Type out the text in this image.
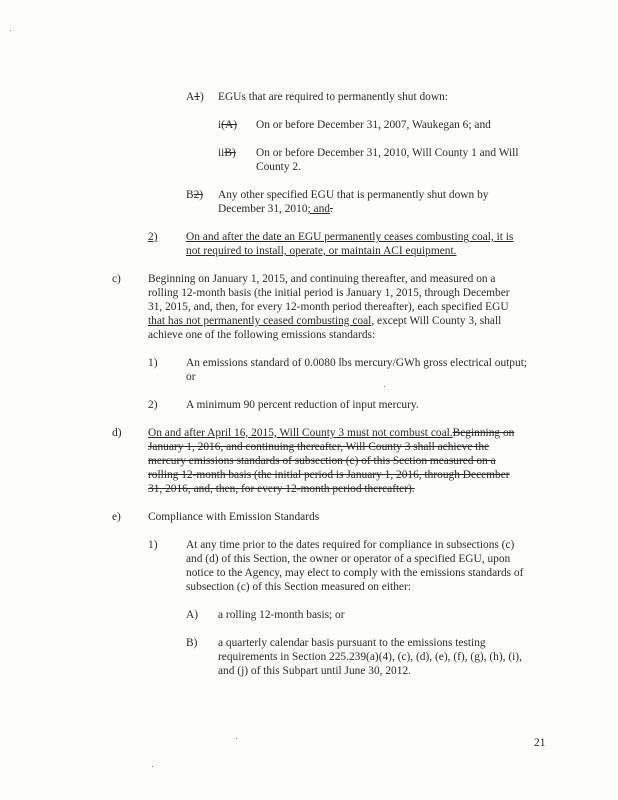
A1) EGUs that are required to permanently shut down:
i(A) On or before December 31, 2007, Waukegan 6; and
iiB) On or before December 31, 2010, Will County 1 and Will
County 2.
B2) Any other specified EGU that is permanently shut down by
December 31, 2010; and.
2)	On and after the date an EGU permanently ceases combusting coal, it is
not required to install, operate, or maintain ACI equipment.
c) Beginning on January 1, 2015, and continuing thereafter, and measured on a
rolling 12-month basis (the initial period is January 1, 2015, through December
31, 2015, and, then, for every 12-month period thereafter), each specified EGU
that has not permanently ceased combusting coal, except Will County 3, shall
achieve one of the following emissions standards:
1)	An emissions standard of 0.0080 lbs mercury/GWh gross electrical output;
or
2)	A minimum 90 percent reduction of input mercury.
d) On and after April 16, 2015, Will County 3 must not combust coal.Beginning on
January 1, 2016, and continuing thereafter, Will County 3 shall achieve the
mercury emissions standards of subsection (c) of this Section measured on a
rolling 12-month basis (the initial period is January 1, 2016, through December
31, 2016, and, then, for every 12-month period thereafter).
e) Compliance with Emission Standards
1)	At any time prior to the dates required for compliance in subsections (c)
and (d) of this Section, the owner or operator of a specified EGU, upon
notice to the Agency, may elect to comply with the emissions standards of
subsection (c) of this Section measured on either:
A) a rolling 12-month basis; or
B) a quarterly calendar basis pursuant to the emissions testing
requirements in Section 225.239(a)(4), (c), (d), (e), (f), (g), (h), (i),
and (j) of this Subpart until June 30, 2012.
21
